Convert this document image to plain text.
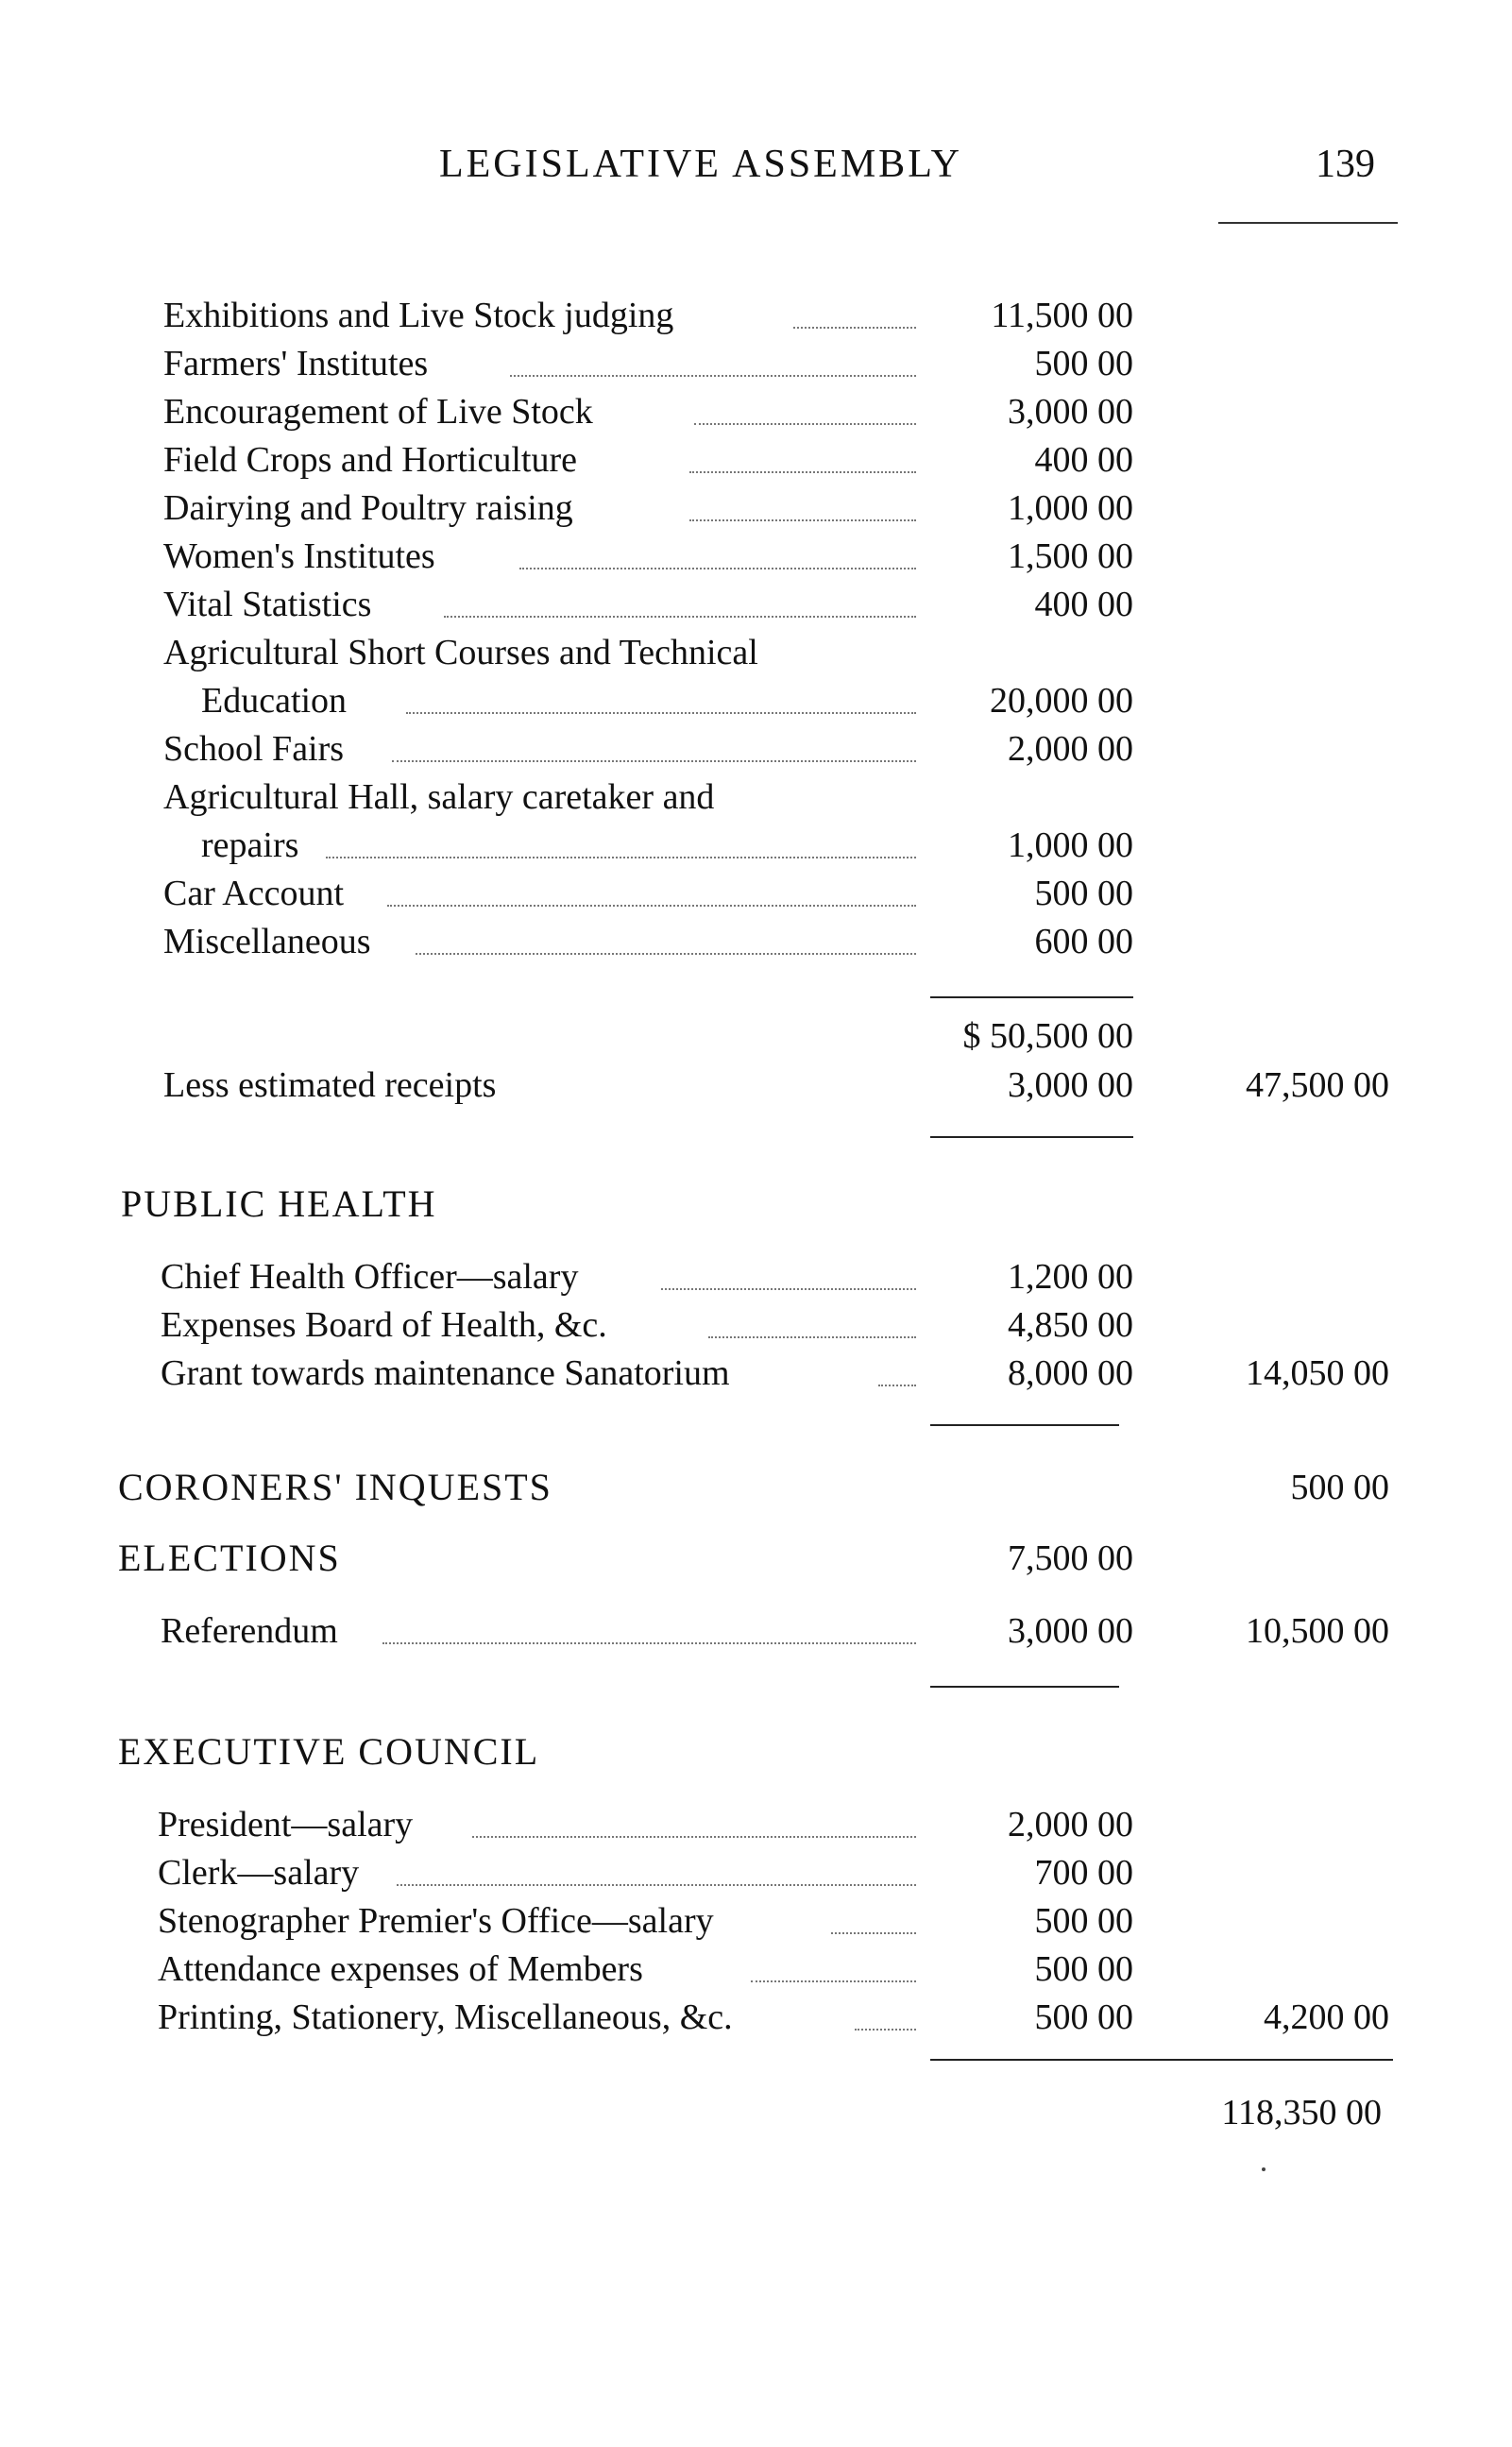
LEGISLATIVE ASSEMBLY	139
Exhibitions and Live Stock judging	11,500 00
Farmers' Institutes	500 00
Encouragement of Live Stock	3,000 00
Field Crops and Horticulture	400 00
Dairying and Poultry raising	1,000 00
Women's Institutes	1,500 00
Vital Statistics	400 00
Agricultural Short Courses and Technical
Education	20,000 00
School Fairs	2,000 00
Agricultural Hall, salary caretaker and
repairs	1,000 00
Car Account	500 00
Miscellaneous	600 00
$ 50,500 00
Less estimated receipts	3,000 00	47,500 00
PUBLIC HEALTH
Chief Health Officer—salary	1,200 00
Expenses Board of Health, &c.	4,850 00
Grant towards maintenance Sanatorium	8,000 00	14,050 00
CORONERS' INQUESTS	500 00
ELECTIONS	7,500 00
Referendum	3,000 00	10,500 00
EXECUTIVE COUNCIL
President—salary	2,000 00
Clerk—salary	700 00
Stenographer Premier's Office—salary	500 00
Attendance expenses of Members	500 00
Printing, Stationery, Miscellaneous, &c.	500 00	4,200 00
118,350 00
